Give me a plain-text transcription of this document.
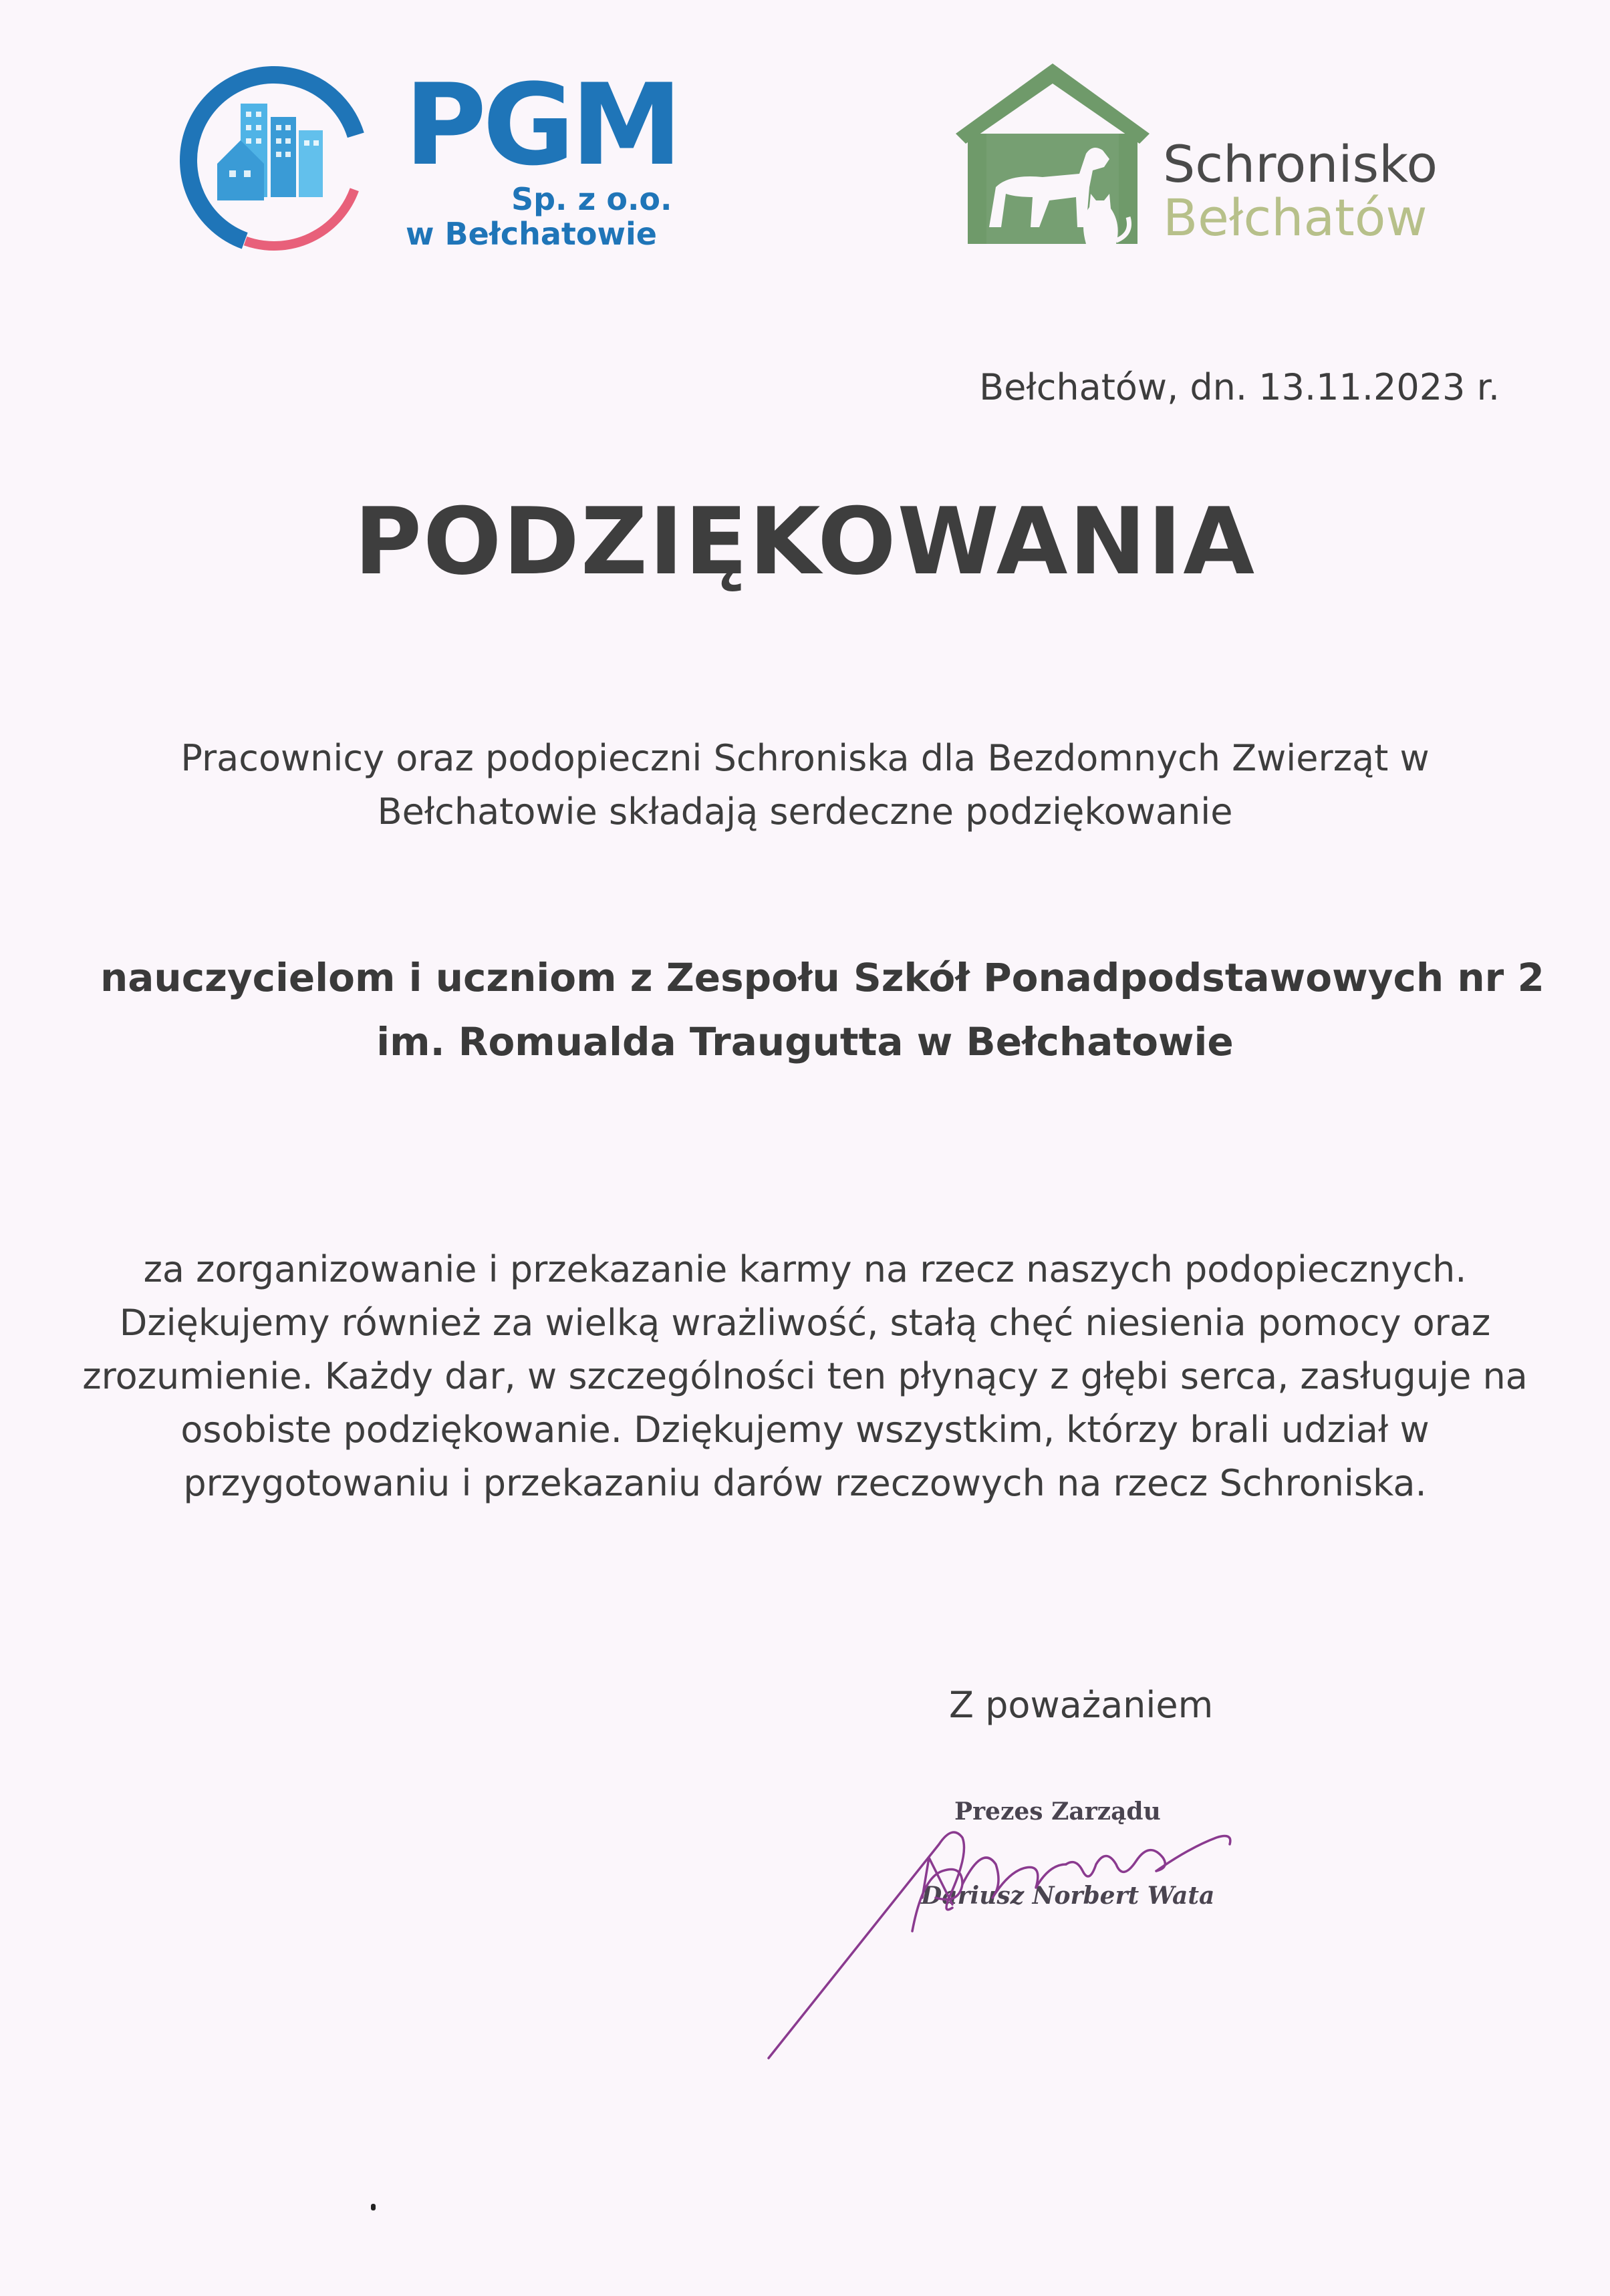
PGM
Sp. z o.o.
w Bełchatowie
Schronisko
Bełchatów
Bełchatów, dn. 13.11.2023 r.
PODZIĘKOWANIA
Pracownicy oraz podopieczni Schroniska dla Bezdomnych Zwierząt w
Bełchatowie składają serdeczne podziękowanie
nauczycielom i uczniom z Zespołu Szkół Ponadpodstawowych nr 2
im. Romualda Traugutta w Bełchatowie
za zorganizowanie i przekazanie karmy na rzecz naszych podopiecznych.
Dziękujemy również za wielką wrażliwość, stałą chęć niesienia pomocy oraz
zrozumienie. Każdy dar, w szczególności ten płynący z głębi serca, zasługuje na
osobiste podziękowanie. Dziękujemy wszystkim, którzy brali udział w
przygotowaniu i przekazaniu darów rzeczowych na rzecz Schroniska.
Z poważaniem
Prezes Zarządu
Dariusz Norbert Wata
